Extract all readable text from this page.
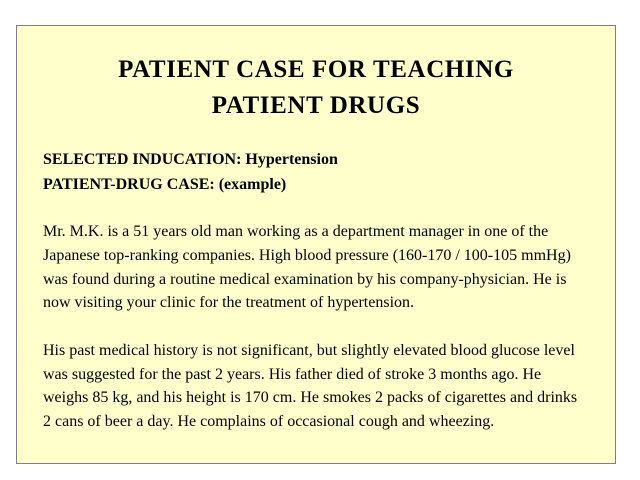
PATIENT CASE FOR TEACHING
PATIENT DRUGS
SELECTED INDUCATION: Hypertension
PATIENT-DRUG CASE: (example)
Mr. M.K. is a 51 years old man working as a department manager in one of the Japanese top-ranking companies. High blood pressure (160-170 / 100-105 mmHg) was found during a routine medical examination by his company-physician. He is now visiting your clinic for the treatment of hypertension.
His past medical history is not significant, but slightly elevated blood glucose level was suggested for the past 2 years. His father died of stroke 3 months ago. He weighs 85 kg, and his height is 170 cm. He smokes 2 packs of cigarettes and drinks 2 cans of beer a day. He complains of occasional cough and wheezing.
